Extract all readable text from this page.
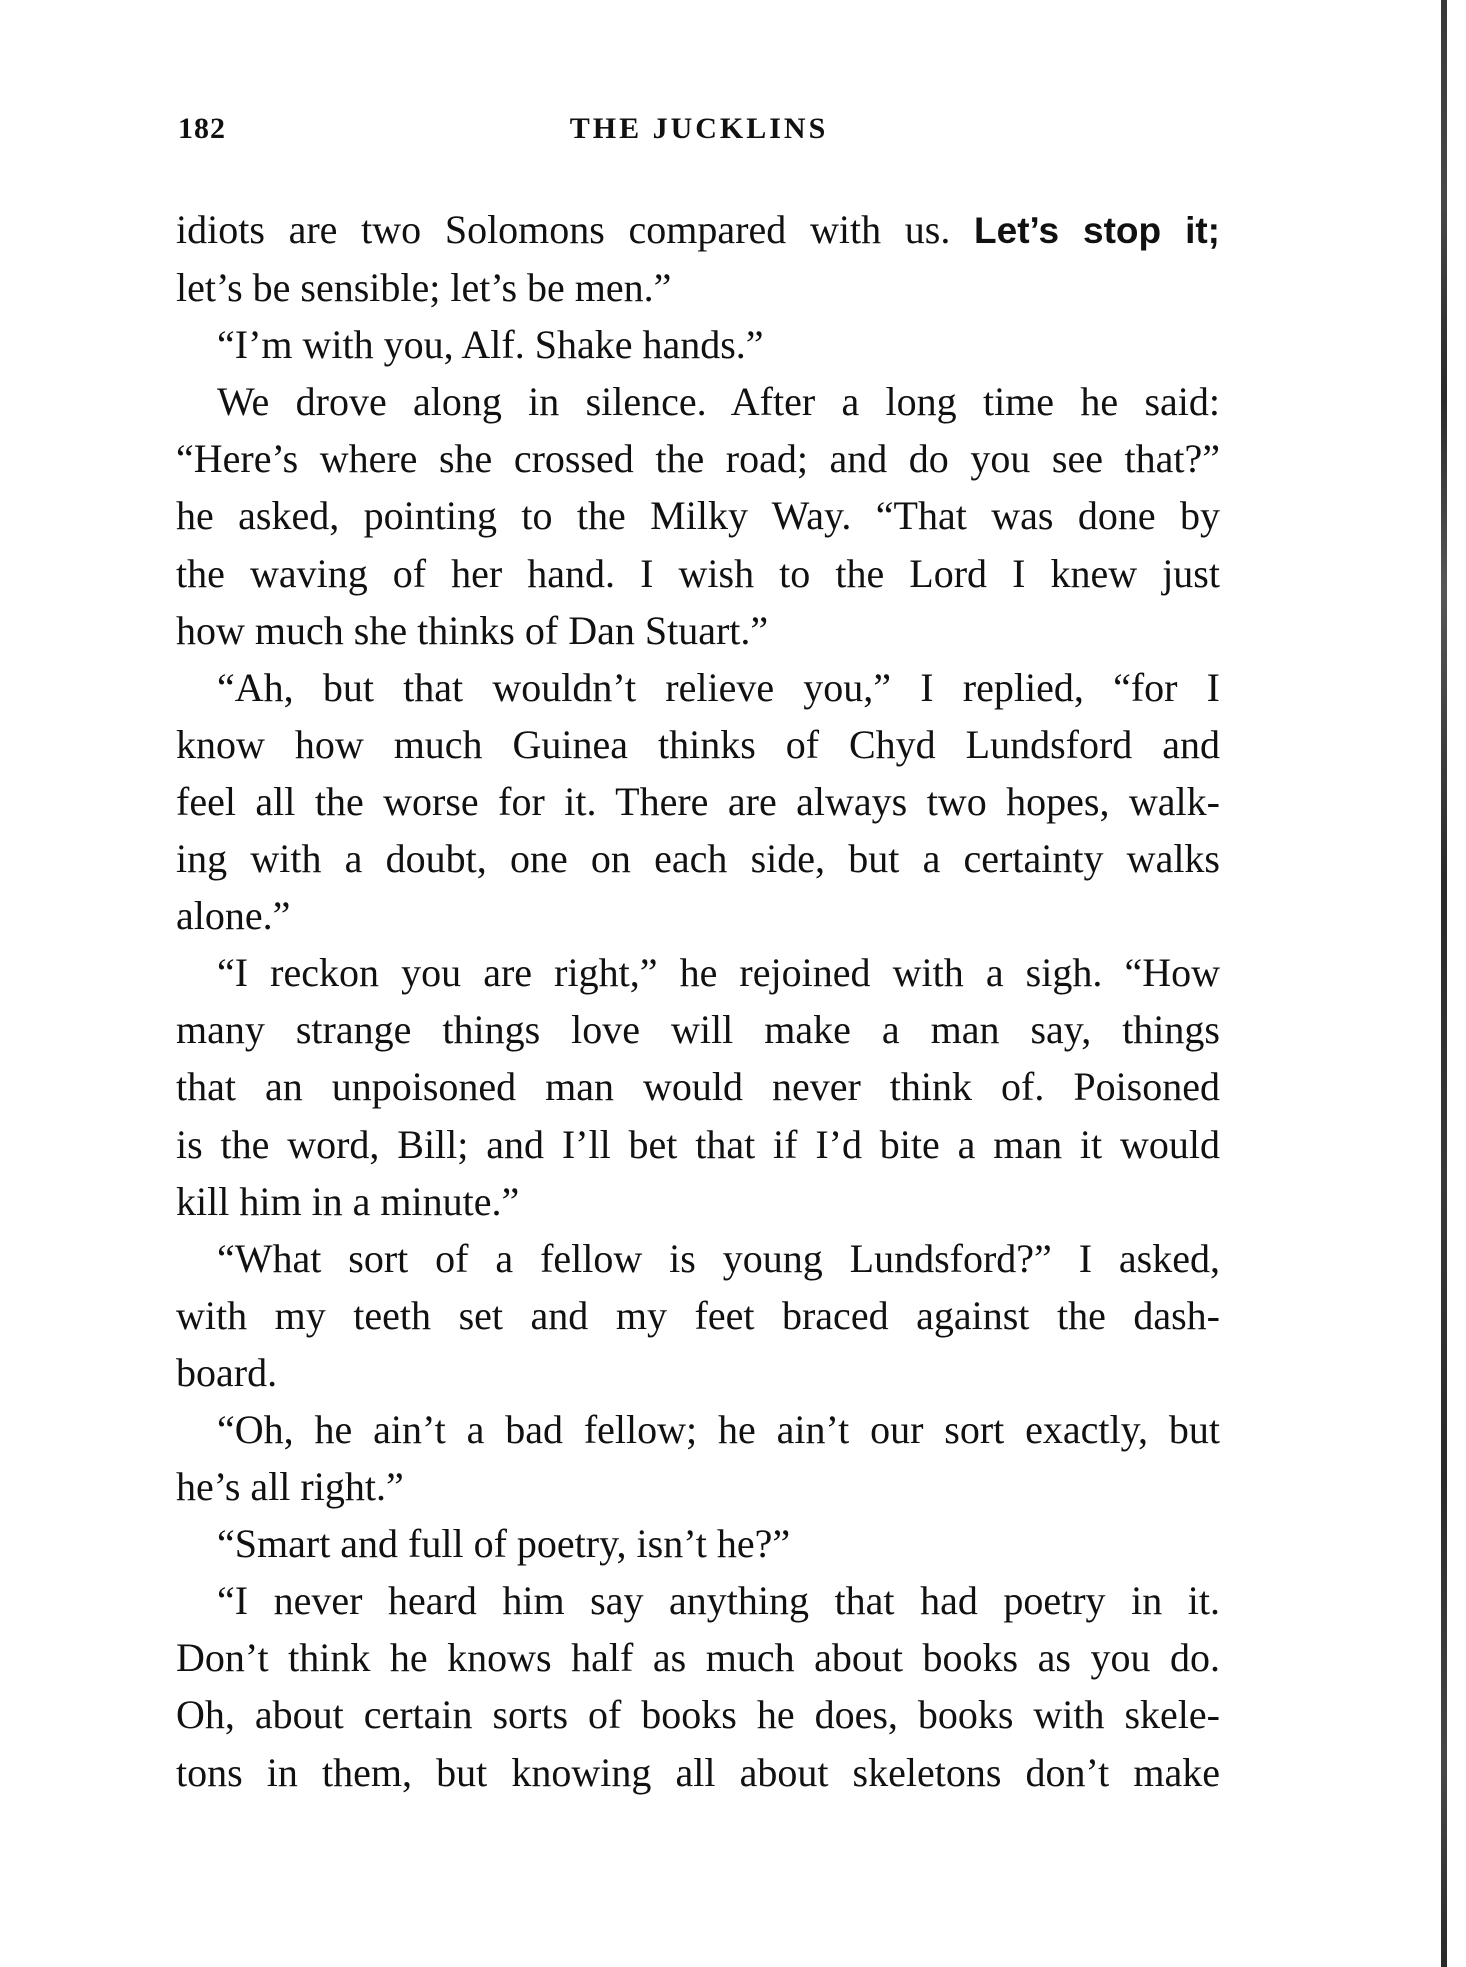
182	THE JUCKLINS
idiots are two Solomons compared with us. Let’s stop it;
let’s be sensible; let’s be men.”
“I’m with you, Alf. Shake hands.”
We drove along in silence. After a long time he said:
“Here’s where she crossed the road; and do you see that?”
he asked, pointing to the Milky Way. “That was done by
the waving of her hand. I wish to the Lord I knew just
how much she thinks of Dan Stuart.”
“Ah, but that wouldn’t relieve you,” I replied, “for I
know how much Guinea thinks of Chyd Lundsford and
feel all the worse for it. There are always two hopes, walk-
ing with a doubt, one on each side, but a certainty walks
alone.”
“I reckon you are right,” he rejoined with a sigh. “How
many strange things love will make a man say, things
that an unpoisoned man would never think of. Poisoned
is the word, Bill; and I’ll bet that if I’d bite a man it would
kill him in a minute.”
“What sort of a fellow is young Lundsford?” I asked,
with my teeth set and my feet braced against the dash-
board.
“Oh, he ain’t a bad fellow; he ain’t our sort exactly, but
he’s all right.”
“Smart and full of poetry, isn’t he?”
“I never heard him say anything that had poetry in it.
Don’t think he knows half as much about books as you do.
Oh, about certain sorts of books he does, books with skele-
tons in them, but knowing all about skeletons don’t make
